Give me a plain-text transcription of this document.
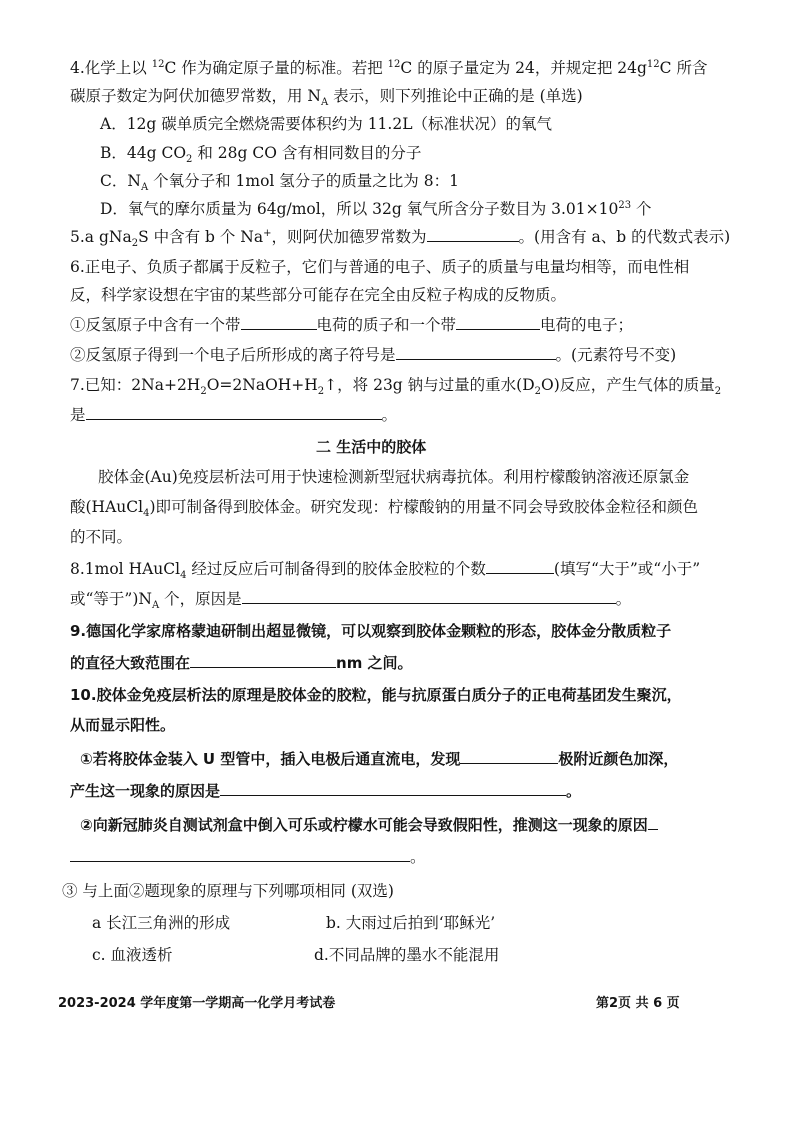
4.化学上以 $^{12}$C 作为确定原子量的标准。若把 $^{12}$C 的原子量定为 24，并规定把 $24g^{12}C$ 所含
碳原子数定为阿伏加德罗常数，用 $N_A$ 表示，则下列推论中正确的是 (单选)
A．12g 碳单质完全燃烧需要体积约为 11.2L（标准状况）的氧气
B．44g $CO_2$ 和 28g CO 含有相同数目的分子
C．$N_A$ 个氧分子和 1mol 氢分子的质量之比为 8：1
D．氧气的摩尔质量为 64g/mol，所以 32g 氧气所含分子数目为 $3.01\times 10^{23}$ 个
5.a gNa$_2$S 中含有 b 个 Na+，则阿伏加德罗常数为	。(用含有 a、b 的代数式表示)
6.正电子、负质子都属于反粒子，它们与普通的电子、质子的质量与电量均相等，而电性相
反，科学家设想在宇宙的某些部分可能存在完全由反粒子构成的反物质。
①反氢原子中含有一个带	电荷的质子和一个带	电荷的电子；
②反氢原子得到一个电子后所形成的离子符号是	。(元素符号不变)
7.已知：$2Na+2H_2O=2NaOH+H_2↑$，将 23g 钠与过量的重水$(D_2O)$反应，产生气体的质量$_2$
是	。
二 生活中的胶体
胶体金(Au)免疫层析法可用于快速检测新型冠状病毒抗体。利用柠檬酸钠溶液还原氯金
酸(HAuCl$_4$)即可制备得到胶体金。研究发现：柠檬酸钠的用量不同会导致胶体金粒径和颜色
的不同。
8.1mol HAuCl$_4$ 经过反应后可制备得到的胶体金胶粒的个数	(填写“大于”或“小于”
或“等于$”)N_A$ 个，原因是	。
9.德国化学家席格蒙迪研制出超显微镜，可以观察到胶体金颗粒的形态，胶体金分散质粒子
的直径大致范围在	nm 之间。
10.胶体金免疫层析法的原理是胶体金的胶粒，能与抗原蛋白质分子的正电荷基团发生聚沉，
从而显示阳性。
①若将胶体金装入 U 型管中，插入电极后通直流电，发现	极附近颜色加深，
产生这一现象的原因是	。
②向新冠肺炎自测试剂盒中倒入可乐或柠檬水可能会导致假阳性，推测这一现象的原因
。
③ 与上面②题现象的原理与下列哪项相同 (双选)
a 长江三角洲的形成	b. 大雨过后拍到‘耶稣光’
c. 血液透析	d.不同品牌的墨水不能混用
2023-2024 学年度第一学期高一化学月考试卷	第2页 共 6 页
